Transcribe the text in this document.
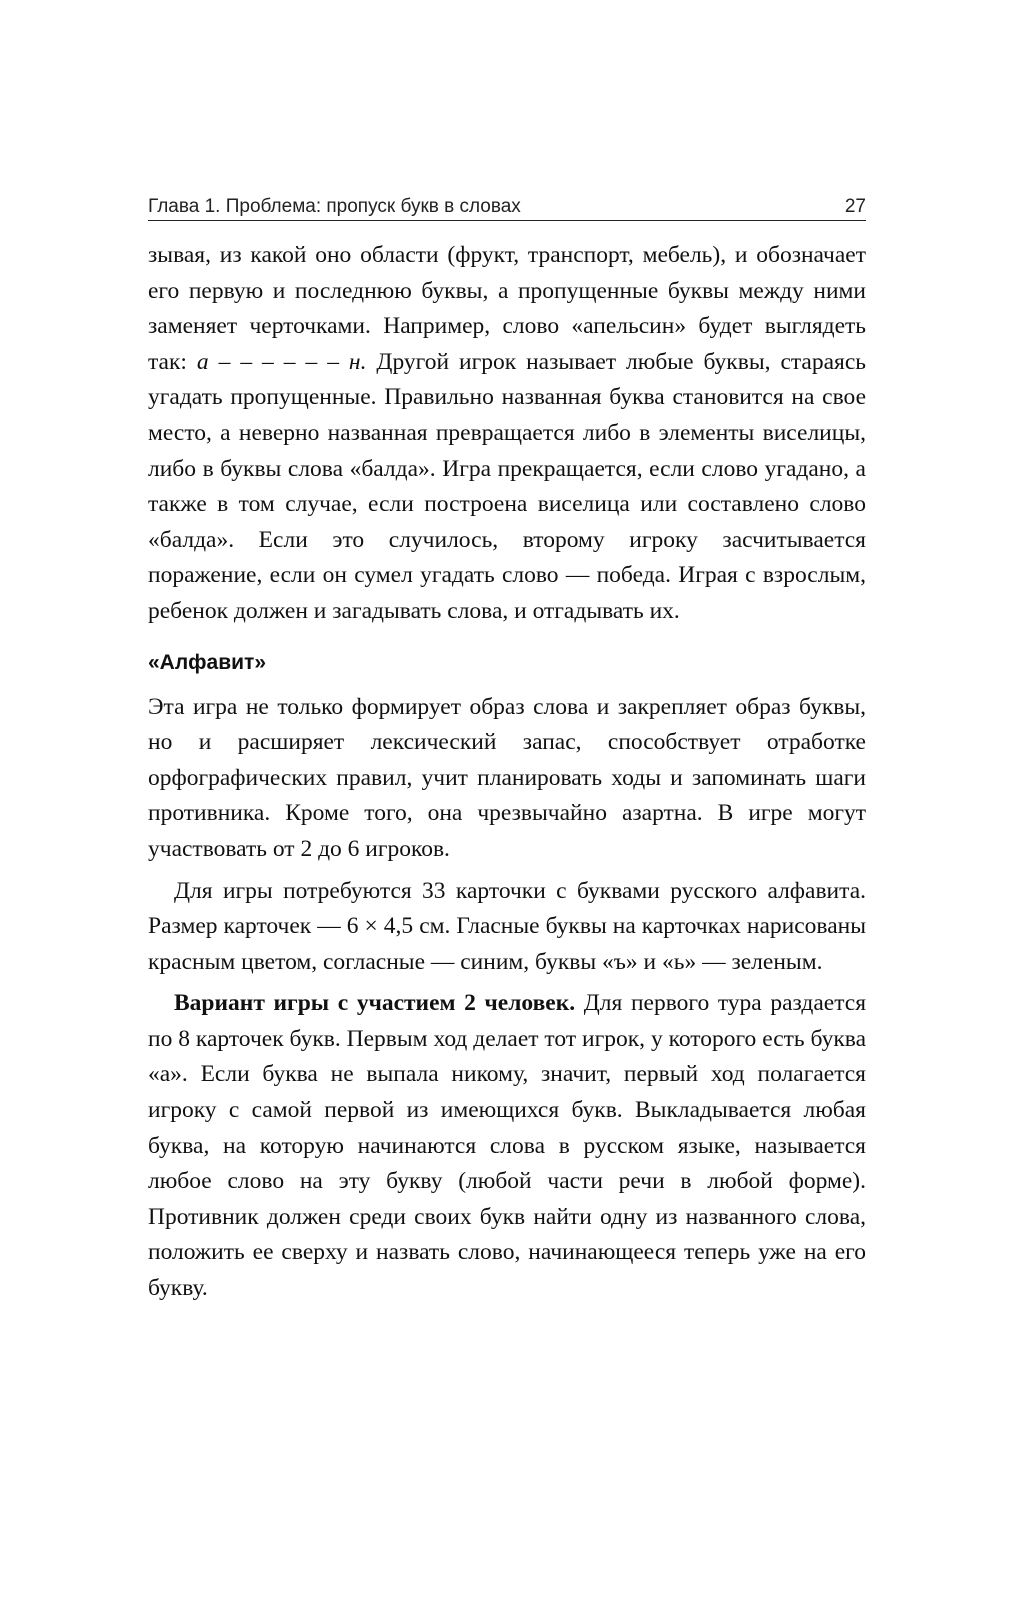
Глава 1. Проблема: пропуск букв в словах	27

зывая, из какой оно области (фрукт, транспорт, мебель), и обозначает его первую и последнюю буквы, а пропущенные буквы между ними заменяет черточками. Например, слово «апельсин» будет выглядеть так: а – – – – – – н. Другой игрок называет любые буквы, стараясь угадать пропущенные. Правильно названная буква становится на свое место, а неверно названная превращается либо в элементы виселицы, либо в буквы слова «балда». Игра прекращается, если слово угадано, а также в том случае, если построена виселица или составлено слово «балда». Если это случилось, второму игроку засчитывается поражение, если он сумел угадать слово — победа. Играя с взрослым, ребенок должен и загадывать слова, и отгадывать их.

«Алфавит»

Эта игра не только формирует образ слова и закрепляет образ буквы, но и расширяет лексический запас, способствует отработке орфографических правил, учит планировать ходы и запоминать шаги противника. Кроме того, она чрезвычайно азартна. В игре могут участвовать от 2 до 6 игроков.

Для игры потребуются 33 карточки с буквами русского алфавита. Размер карточек — 6 × 4,5 см. Гласные буквы на карточках нарисованы красным цветом, согласные — синим, буквы «ъ» и «ь» — зеленым.

Вариант игры с участием 2 человек. Для первого тура раздается по 8 карточек букв. Первым ход делает тот игрок, у которого есть буква «а». Если буква не выпала никому, значит, первый ход полагается игроку с самой первой из имеющихся букв. Выкладывается любая буква, на которую начинаются слова в русском языке, называется любое слово на эту букву (любой части речи в любой форме). Противник должен среди своих букв найти одну из названного слова, положить ее сверху и назвать слово, начинающееся теперь уже на его букву.
